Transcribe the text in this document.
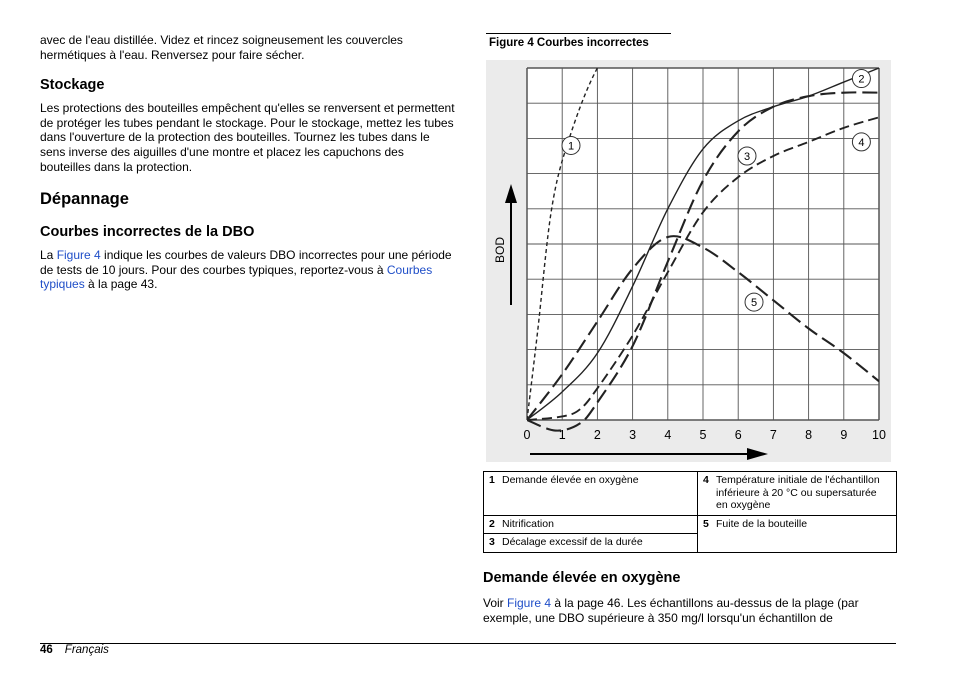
avec de l'eau distillée. Videz et rincez soigneusement les couvercles hermétiques à l'eau. Renversez pour faire sécher.

Stockage

Les protections des bouteilles empêchent qu'elles se renversent et permettent de protéger les tubes pendant le stockage. Pour le stockage, mettez les tubes dans l'ouverture de la protection des bouteilles. Tournez les tubes dans le sens inverse des aiguilles d'une montre et placez les capuchons des bouteilles dans la protection.

Dépannage
Courbes incorrectes de la DBO

La Figure 4 indique les courbes de valeurs DBO incorrectes pour une période de tests de 10 jours. Pour des courbes typiques, reportez-vous à Courbes typiques à la page 43.

Figure 4 Courbes incorrectes
1
2
3
4
5
0 1 2 3 4 5 6 7 8 9 10
BOD
1	Demande élevée en oxygène	4	Température initiale de l'échantillon inférieure à 20 °C ou supersaturée en oxygène
2	Nitrification	5	Fuite de la bouteille
3	Décalage excessif de la durée		
Demande élevée en oxygène

Voir Figure 4 à la page 46. Les échantillons au-dessus de la plage (par exemple, une DBO supérieure à 350 mg/l lorsqu'un échantillon de

46 Français
